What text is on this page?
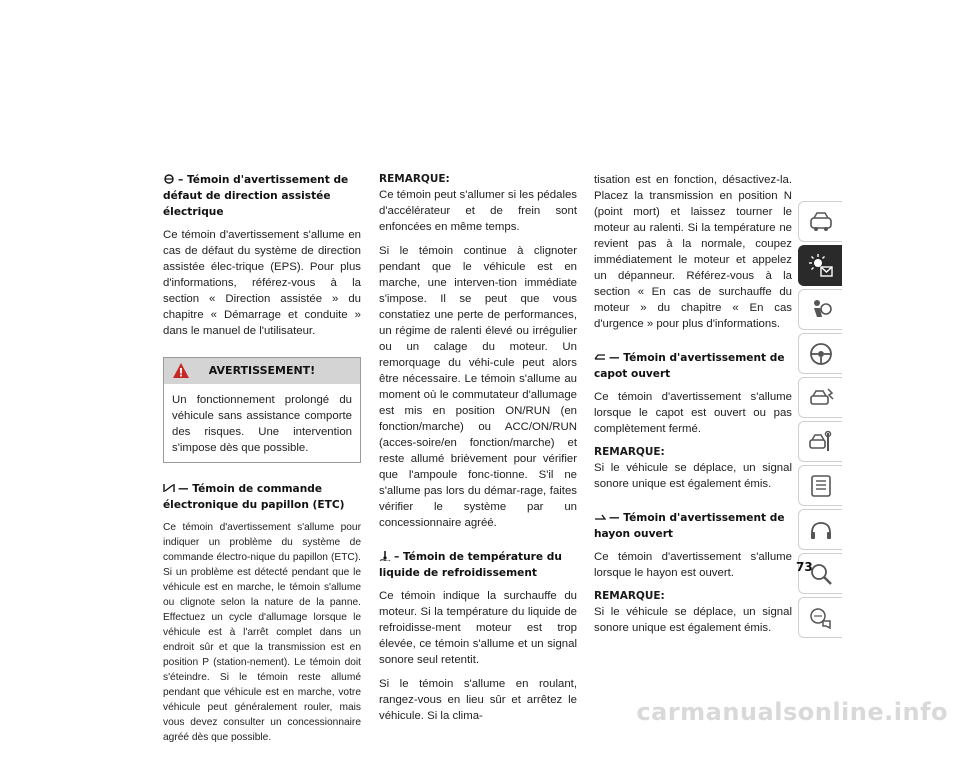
– Témoin d'avertissement de défaut de direction assistée électrique

Ce témoin d'avertissement s'allume en cas de défaut du système de direction assistée élec-trique (EPS). Pour plus d'informations, référez-vous à la section « Direction assistée » du chapitre « Démarrage et conduite » dans le manuel de l'utilisateur.

AVERTISSEMENT!

Un fonctionnement prolongé du véhicule sans assistance comporte des risques. Une intervention s'impose dès que possible.

— Témoin de commande électronique du papillon (ETC)

Ce témoin d'avertissement s'allume pour indiquer un problème du système de commande électro-nique du papillon (ETC). Si un problème est détecté pendant que le véhicule est en marche, le témoin s'allume ou clignote selon la nature de la panne. Effectuez un cycle d'allumage lorsque le véhicule est à l'arrêt complet dans un endroit sûr et que la transmission est en position P (station-nement). Le témoin doit s'éteindre. Si le témoin reste allumé pendant que véhicule est en marche, votre véhicule peut généralement rouler, mais vous devez consulter un concessionnaire agréé dès que possible.

REMARQUE:

Ce témoin peut s'allumer si les pédales d'accélérateur et de frein sont enfoncées en même temps.

Si le témoin continue à clignoter pendant que le véhicule est en marche, une interven-tion immédiate s'impose. Il se peut que vous constatiez une perte de performances, un régime de ralenti élevé ou irrégulier ou un calage du moteur. Un remorquage du véhi-cule peut alors être nécessaire. Le témoin s'allume au moment où le commutateur d'allumage est mis en position ON/RUN (en fonction/marche) ou ACC/ON/RUN (acces-soire/en fonction/marche) et reste allumé brièvement pour vérifier que l'ampoule fonc-tionne. S'il ne s'allume pas lors du démar-rage, faites vérifier le système par un concessionnaire agréé.

– Témoin de température du liquide de refroidissement

Ce témoin indique la surchauffe du moteur. Si la température du liquide de refroidisse-ment moteur est trop élevée, ce témoin s'allume et un signal sonore seul retentit.

Si le témoin s'allume en roulant, rangez-vous en lieu sûr et arrêtez le véhicule. Si la clima-

tisation est en fonction, désactivez-la. Placez la transmission en position N (point mort) et laissez tourner le moteur au ralenti. Si la température ne revient pas à la normale, coupez immédiatement le moteur et appelez un dépanneur. Référez-vous à la section « En cas de surchauffe du moteur » du chapitre « En cas d'urgence » pour plus d'informations.

— Témoin d'avertissement de capot ouvert

Ce témoin d'avertissement s'allume lorsque le capot est ouvert ou pas complètement fermé.

REMARQUE:

Si le véhicule se déplace, un signal sonore unique est également émis.

— Témoin d'avertissement de hayon ouvert

Ce témoin d'avertissement s'allume lorsque le hayon est ouvert.

REMARQUE:

Si le véhicule se déplace, un signal sonore unique est également émis.

73
carmanualsonline.info
